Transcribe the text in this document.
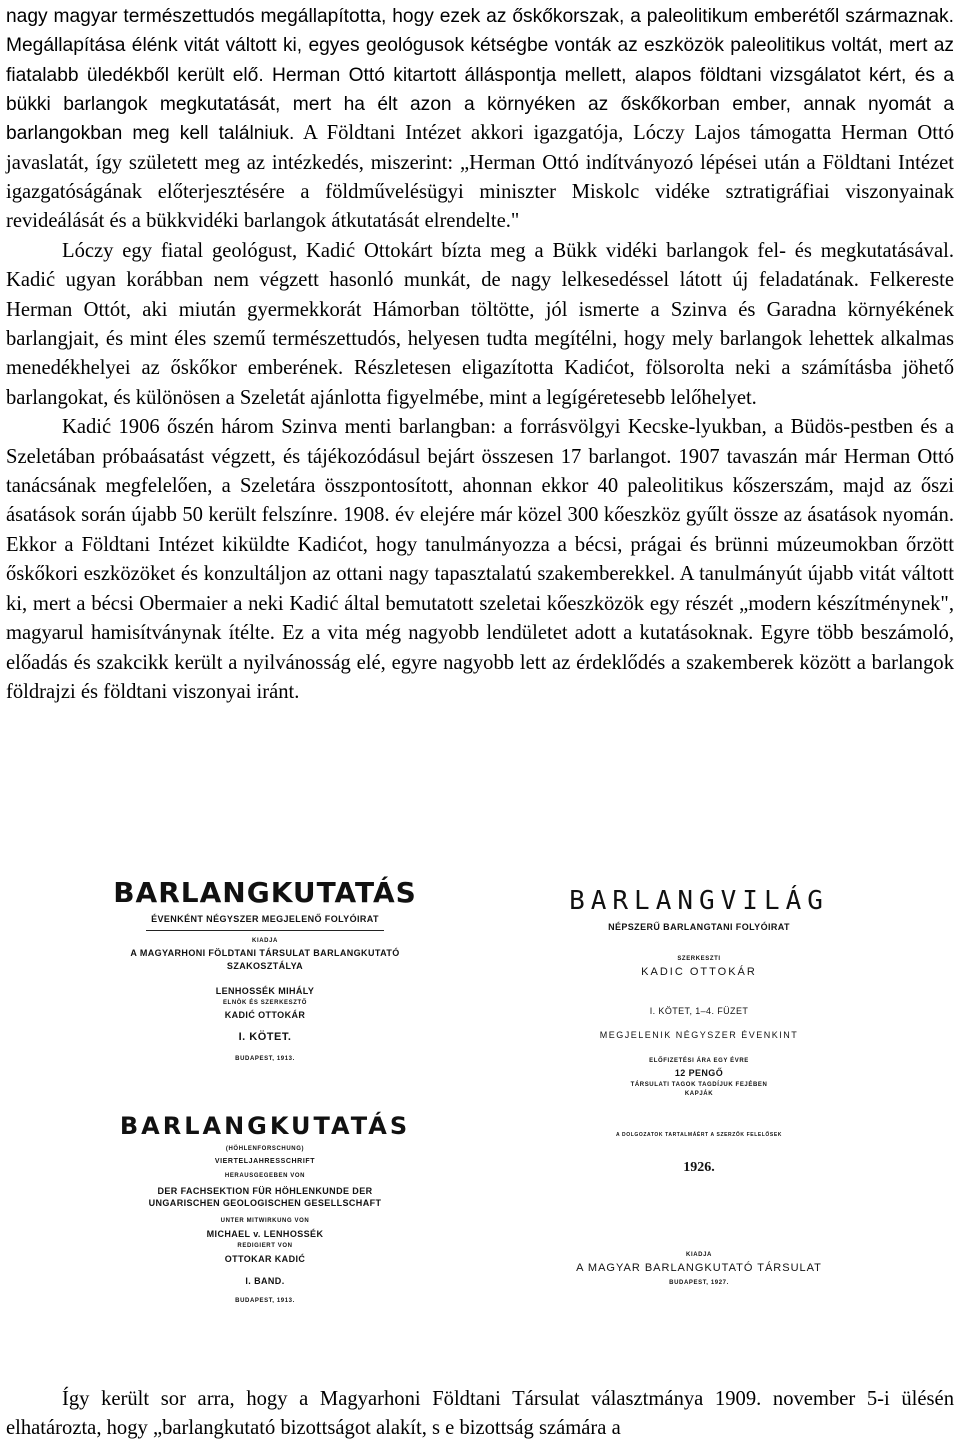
nagy magyar természettudós megállapította, hogy ezek az őskőkorszak, a paleolitikum emberétől származnak. Megállapítása élénk vitát váltott ki, egyes geológusok kétségbe vonták az eszközök paleolitikus voltát, mert az fiatalabb üledékből került elő. Herman Ottó kitartott álláspontja mellett, alapos földtani vizsgálatot kért, és a bükki barlangok megkutatását, mert ha élt azon a környéken az őskőkorban ember, annak nyomát a barlangokban meg kell találniuk. A Földtani Intézet akkori igazgatója, Lóczy Lajos támogatta Herman Ottó javaslatát, így született meg az intézkedés, miszerint: „Herman Ottó indítványozó lépései után a Földtani Intézet igazgatóságának előterjesztésére a földművelésügyi miniszter Miskolc vidéke sztratigráfiai viszonyainak revideálását és a bükkvidéki barlangok átkutatását elrendelte."

Lóczy egy fiatal geológust, Kadić Ottokárt bízta meg a Bükk vidéki barlangok fel- és megkutatásával. Kadić ugyan korábban nem végzett hasonló munkát, de nagy lelkesedéssel látott új feladatának. Felkereste Herman Ottót, aki miután gyermekkorát Hámorban töltötte, jól ismerte a Szinva és Garadna környékének barlangjait, és mint éles szemű természettudós, helyesen tudta megítélni, hogy mely barlangok lehettek alkalmas menedékhelyei az őskőkor emberének. Részletesen eligazította Kadićot, fölsorolta neki a számításba jöhető barlangokat, és különösen a Szeletát ajánlotta figyelmébe, mint a legígéretesebb lelőhelyet.

Kadić 1906 őszén három Szinva menti barlangban: a forrásvölgyi Kecske-lyukban, a Büdös-pestben és a Szeletában próbaásatást végzett, és tájékozódásul bejárt összesen 17 barlangot. 1907 tavaszán már Herman Ottó tanácsának megfelelően, a Szeletára összpontosított, ahonnan ekkor 40 paleolitikus kőszerszám, majd az őszi ásatások során újabb 50 került felszínre. 1908. év elejére már közel 300 kőeszköz gyűlt össze az ásatások nyomán. Ekkor a Földtani Intézet kiküldte Kadićot, hogy tanulmányozza a bécsi, prágai és brünni múzeumokban őrzött őskőkori eszközöket és konzultáljon az ottani nagy tapasztalatú szakemberekkel. A tanulmányút újabb vitát váltott ki, mert a bécsi Obermaier a neki Kadić által bemutatott szeletai kőeszközök egy részét „modern készítménynek", magyarul hamisítványnak ítélte. Ez a vita még nagyobb lendületet adott a kutatásoknak. Egyre több beszámoló, előadás és szakcikk került a nyilvánosság elé, egyre nagyobb lett az érdeklődés a szakemberek között a barlangok földrajzi és földtani viszonyai iránt.

BARLANGKUTATÁS
ÉVENKÉNT NÉGYSZER MEGJELENŐ FOLYÓIRAT
KIADJA
A MAGYARHONI FÖLDTANI TÁRSULAT BARLANGKUTATÓ
SZAKOSZTÁLYA
LENHOSSÉK MIHÁLY
ELNÖK ÉS SZERKESZTŐ
KADIĆ OTTOKÁR
I. KÖTET.
BUDAPEST, 1913.
BARLANGKUTATÁS
(HÖHLENFORSCHUNG)
VIERTELJAHRESSCHRIFT
HERAUSGEGEBEN VON
DER FACHSEKTION FÜR HÖHLENKUNDE DER
UNGARISCHEN GEOLOGISCHEN GESELLSCHAFT
UNTER MITWIRKUNG VON
MICHAEL v. LENHOSSÉK
REDIGIERT VON
OTTOKAR KADIĆ
I. BAND.
BUDAPEST, 1913.
BARLANGVILÁG
NÉPSZERŰ BARLANGTANI FOLYÓIRAT
SZERKESZTI
KADIC OTTOKÁR
I. KÖTET, 1–4. FÜZET
MEGJELENIK NÉGYSZER ÉVENKINT
ELŐFIZETÉSI ÁRA EGY ÉVRE
12 PENGŐ
TÁRSULATI TAGOK TAGDÍJUK FEJÉBEN
KAPJÁK
A DOLGOZATOK TARTALMÁÉRT A SZERZŐK FELELŐSEK
1926.
KIADJA
A MAGYAR BARLANGKUTATÓ TÁRSULAT
BUDAPEST, 1927.

Így került sor arra, hogy a Magyarhoni Földtani Társulat választmánya 1909. november 5-i ülésén elhatározta, hogy „barlangkutató bizottságot alakít, s e bizottság számára a
